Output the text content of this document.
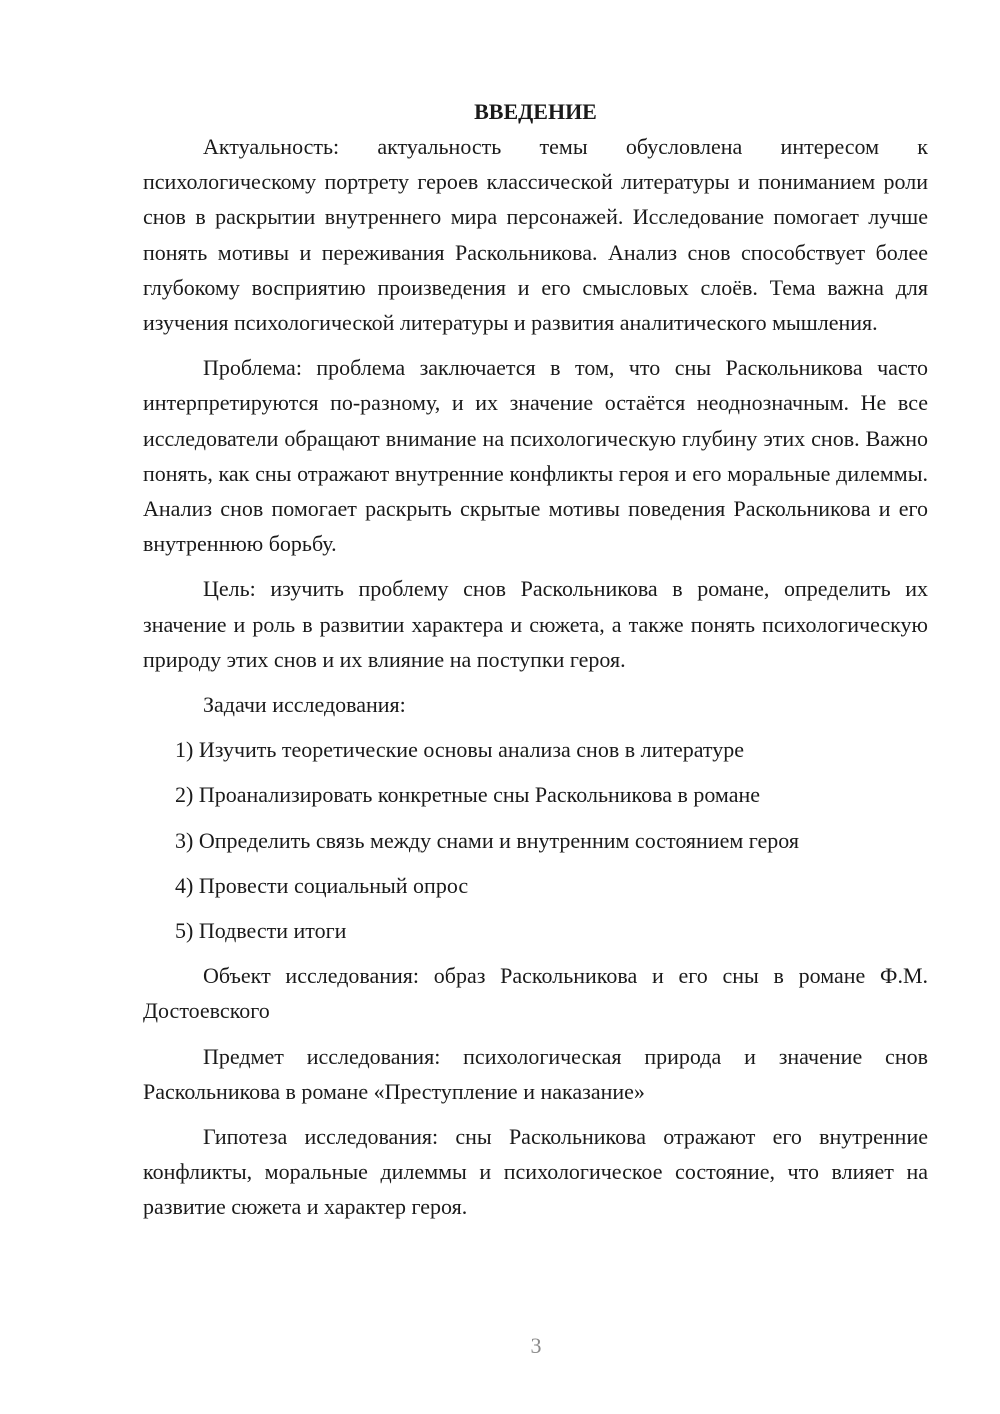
ВВЕДЕНИЕ

Актуальность: актуальность темы обусловлена интересом к психологическому портрету героев классической литературы и пониманием роли снов в раскрытии внутреннего мира персонажей. Исследование помогает лучше понять мотивы и переживания Раскольникова. Анализ снов способствует более глубокому восприятию произведения и его смысловых слоёв. Тема важна для изучения психологической литературы и развития аналитического мышления.

Проблема: проблема заключается в том, что сны Раскольникова часто интерпретируются по-разному, и их значение остаётся неоднозначным. Не все исследователи обращают внимание на психологическую глубину этих снов. Важно понять, как сны отражают внутренние конфликты героя и его моральные дилеммы. Анализ снов помогает раскрыть скрытые мотивы поведения Раскольникова и его внутреннюю борьбу.

Цель: изучить проблему снов Раскольникова в романе, определить их значение и роль в развитии характера и сюжета, а также понять психологическую природу этих снов и их влияние на поступки героя.

Задачи исследования:

1) Изучить теоретические основы анализа снов в литературе

2) Проанализировать конкретные сны Раскольникова в романе

3) Определить связь между снами и внутренним состоянием героя

4) Провести социальный опрос

5) Подвести итоги

Объект исследования: образ Раскольникова и его сны в романе Ф.М. Достоевского

Предмет исследования: психологическая природа и значение снов Раскольникова в романе «Преступление и наказание»

Гипотеза исследования: сны Раскольникова отражают его внутренние конфликты, моральные дилеммы и психологическое состояние, что влияет на развитие сюжета и характер героя.

3
